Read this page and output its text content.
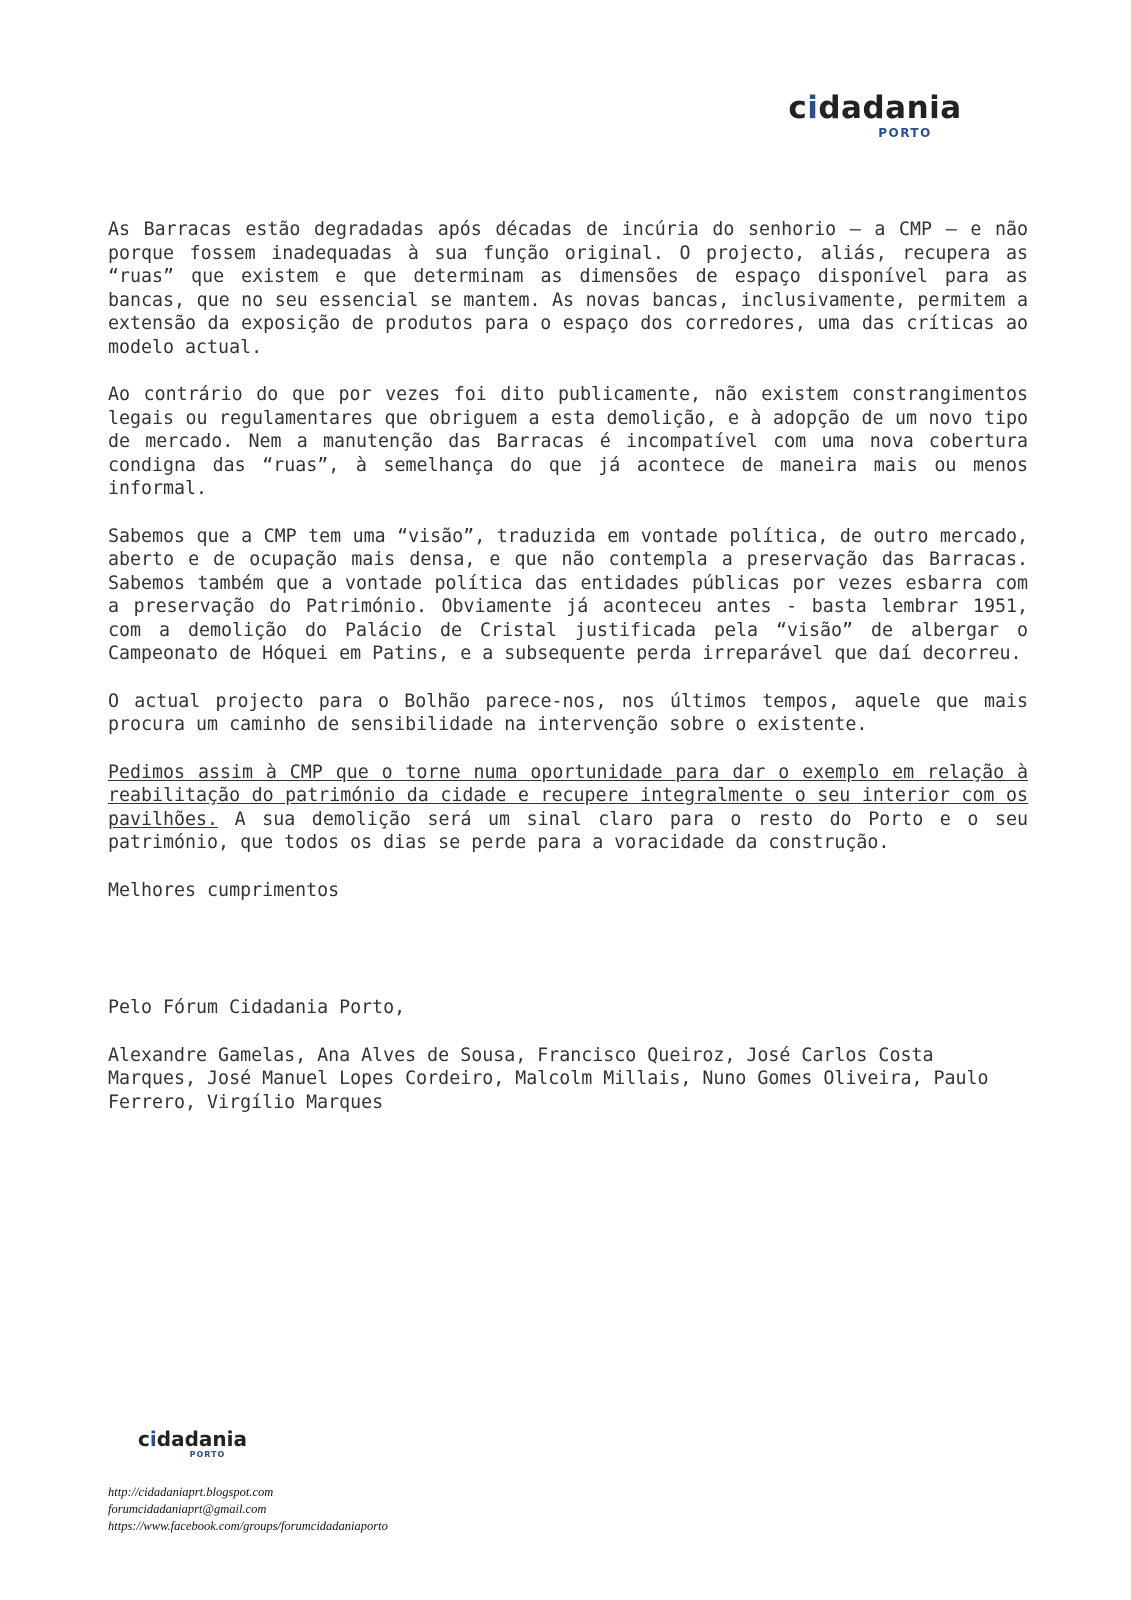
cidadania
PORTO

As Barracas estão degradadas após décadas de incúria do senhorio – a CMP – e não porque fossem inadequadas à sua função original. O projecto, aliás, recupera as “ruas” que existem e que determinam as dimensões de espaço disponível para as bancas, que no seu essencial se mantem. As novas bancas, inclusivamente, permitem a extensão da exposição de produtos para o espaço dos corredores, uma das críticas ao modelo actual.

Ao contrário do que por vezes foi dito publicamente, não existem constrangimentos legais ou regulamentares que obriguem a esta demolição, e à adopção de um novo tipo de mercado. Nem a manutenção das Barracas é incompatível com uma nova cobertura condigna das “ruas”, à semelhança do que já acontece de maneira mais ou menos informal.

Sabemos que a CMP tem uma “visão”, traduzida em vontade política, de outro mercado, aberto e de ocupação mais densa, e que não contempla a preservação das Barracas. Sabemos também que a vontade política das entidades públicas por vezes esbarra com a preservação do Património. Obviamente já aconteceu antes - basta lembrar 1951, com a demolição do Palácio de Cristal justificada pela “visão” de albergar o Campeonato de Hóquei em Patins, e a subsequente perda irreparável que daí decorreu.

O actual projecto para o Bolhão parece-nos, nos últimos tempos, aquele que mais procura um caminho de sensibilidade na intervenção sobre o existente.

Pedimos assim à CMP que o torne numa oportunidade para dar o exemplo em relação à reabilitação do património da cidade e recupere integralmente o seu interior com os pavilhões. A sua demolição será um sinal claro para o resto do Porto e o seu património, que todos os dias se perde para a voracidade da construção.

Melhores cumprimentos

Pelo Fórum Cidadania Porto,

Alexandre Gamelas, Ana Alves de Sousa, Francisco Queiroz, José Carlos Costa Marques, José Manuel Lopes Cordeiro, Malcolm Millais, Nuno Gomes Oliveira, Paulo Ferrero, Virgílio Marques

cidadania
PORTO
http://cidadaniaprt.blogspot.com
forumcidadaniaprt@gmail.com
https://www.facebook.com/groups/forumcidadaniaporto
